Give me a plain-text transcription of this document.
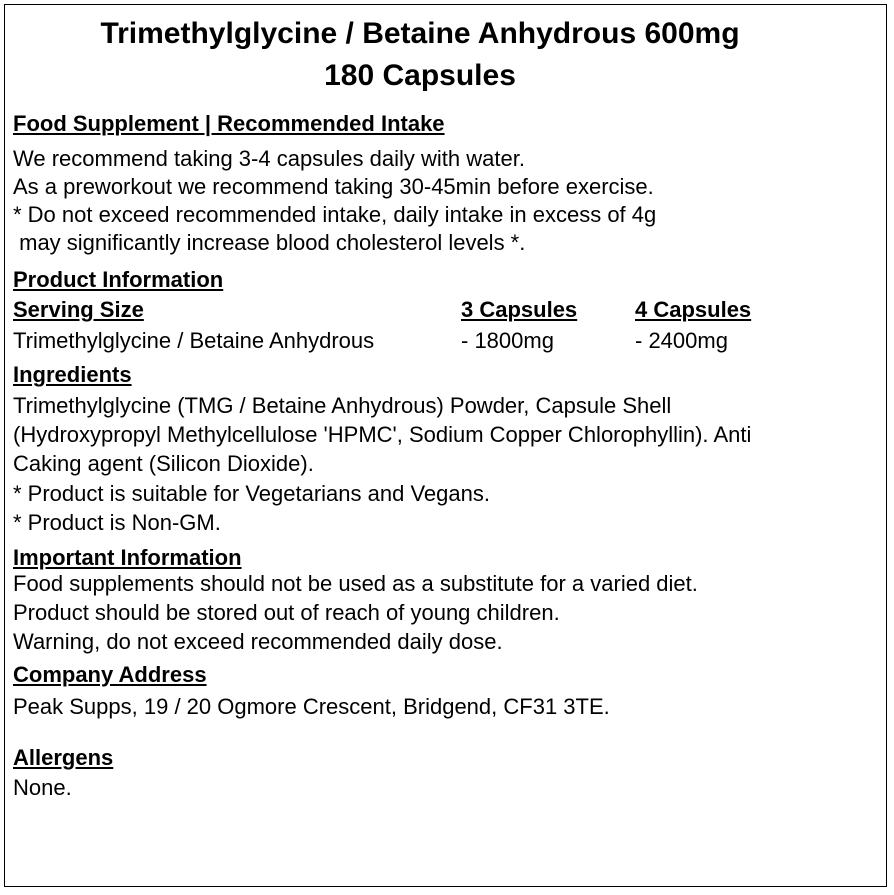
Trimethylglycine / Betaine Anhydrous 600mg
180 Capsules
Food Supplement | Recommended Intake

We recommend taking 3-4 capsules daily with water.

As a preworkout we recommend taking 30-45min before exercise.

* Do not exceed recommended intake, daily intake in excess of 4g

may significantly increase blood cholesterol levels *.

Product Information
Serving Size	3 Capsules	4 Capsules
Trimethylglycine / Betaine Anhydrous	- 1800mg	- 2400mg
Ingredients

Trimethylglycine (TMG / Betaine Anhydrous) Powder, Capsule Shell

(Hydroxypropyl Methylcellulose 'HPMC', Sodium Copper Chlorophyllin). Anti

Caking agent (Silicon Dioxide).

* Product is suitable for Vegetarians and Vegans.

* Product is Non-GM.

Important Information

Food supplements should not be used as a substitute for a varied diet.

Product should be stored out of reach of young children.

Warning, do not exceed recommended daily dose.

Company Address

Peak Supps, 19 / 20 Ogmore Crescent, Bridgend, CF31 3TE.

Allergens

None.
